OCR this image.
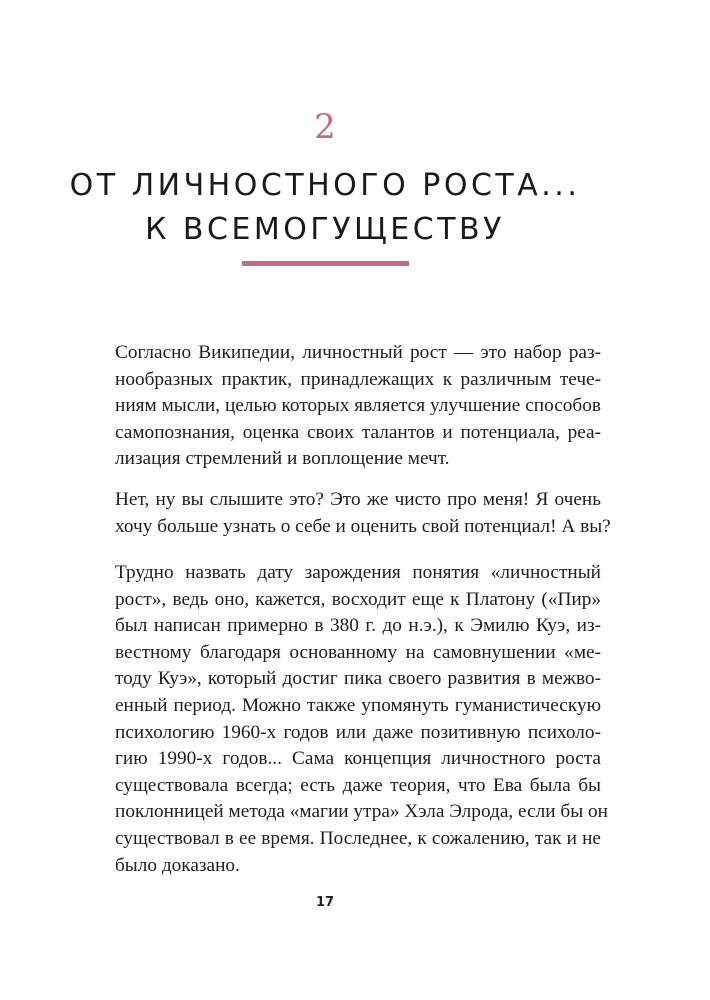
2
ОТ ЛИЧНОСТНОГО РОСТА...
К ВСЕМОГУЩЕСТВУ
Согласно Википедии, личностный рост — это набор раз-
нообразных практик, принадлежащих к различным тече-
ниям мысли, целью которых является улучшение способов
самопознания, оценка своих талантов и потенциала, реа-
лизация стремлений и воплощение мечт.
Нет, ну вы слышите это? Это же чисто про меня! Я очень
хочу больше узнать о себе и оценить свой потенциал! А вы?
Трудно назвать дату зарождения понятия «личностный
рост», ведь оно, кажется, восходит еще к Платону («Пир»
был написан примерно в 380 г. до н.э.), к Эмилю Куэ, из-
вестному благодаря основанному на самовнушении «ме-
тоду Куэ», который достиг пика своего развития в межво-
енный период. Можно также упомянуть гуманистическую
психологию 1960-х годов или даже позитивную психоло-
гию 1990-х годов... Сама концепция личностного роста
существовала всегда; есть даже теория, что Ева была бы
поклонницей метода «магии утра» Хэла Элрода, если бы он
существовал в ее время. Последнее, к сожалению, так и не
было доказано.
17
